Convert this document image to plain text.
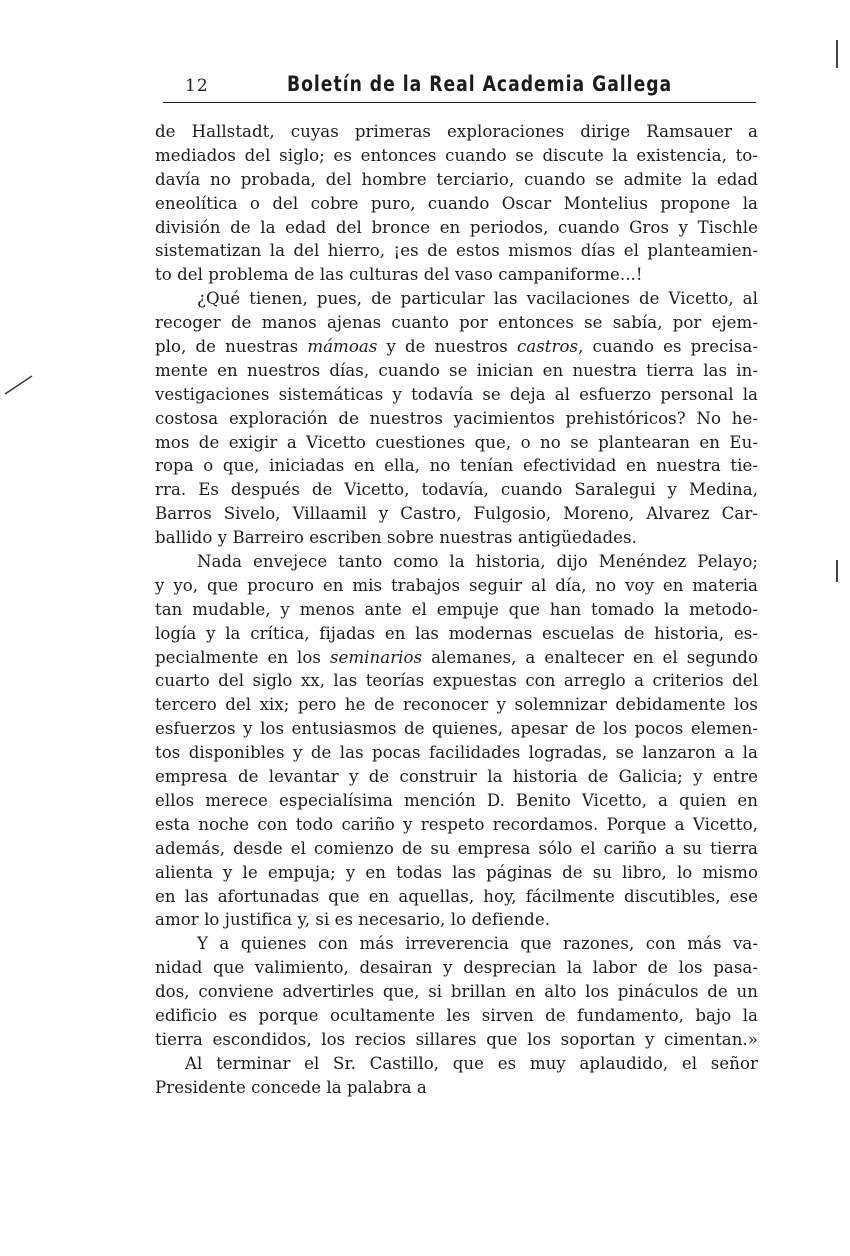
12	Boletín de la Real Academia Gallega
de Hallstadt, cuyas primeras exploraciones dirige Ramsauer a
mediados del siglo; es entonces cuando se discute la existencia, to-
davía no probada, del hombre terciario, cuando se admite la edad
eneolítica o del cobre puro, cuando Oscar Montelius propone la
división de la edad del bronce en periodos, cuando Gros y Tischle
sistematizan la del hierro, ¡es de estos mismos días el planteamien-
to del problema de las culturas del vaso campaniforme...!
¿Qué tienen, pues, de particular las vacilaciones de Vicetto, al
recoger de manos ajenas cuanto por entonces se sabía, por ejem-
plo, de nuestras mámoas y de nuestros castros, cuando es precisa-
mente en nuestros días, cuando se inician en nuestra tierra las in-
vestigaciones sistemáticas y todavía se deja al esfuerzo personal la
costosa exploración de nuestros yacimientos prehistóricos? No he-
mos de exigir a Vicetto cuestiones que, o no se plantearan en Eu-
ropa o que, iniciadas en ella, no tenían efectividad en nuestra tie-
rra. Es después de Vicetto, todavía, cuando Saralegui y Medina,
Barros Sivelo, Villaamil y Castro, Fulgosio, Moreno, Alvarez Car-
ballido y Barreiro escriben sobre nuestras antigüedades.
Nada envejece tanto como la historia, dijo Menéndez Pelayo;
y yo, que procuro en mis trabajos seguir al día, no voy en materia
tan mudable, y menos ante el empuje que han tomado la metodo-
logía y la crítica, fijadas en las modernas escuelas de historia, es-
pecialmente en los seminarios alemanes, a enaltecer en el segundo
cuarto del siglo xx, las teorías expuestas con arreglo a criterios del
tercero del xix; pero he de reconocer y solemnizar debidamente los
esfuerzos y los entusiasmos de quienes, apesar de los pocos elemen-
tos disponibles y de las pocas facilidades logradas, se lanzaron a la
empresa de levantar y de construir la historia de Galicia; y entre
ellos merece especialísima mención D. Benito Vicetto, a quien en
esta noche con todo cariño y respeto recordamos. Porque a Vicetto,
además, desde el comienzo de su empresa sólo el cariño a su tierra
alienta y le empuja; y en todas las páginas de su libro, lo mismo
en las afortunadas que en aquellas, hoy, fácilmente discutibles, ese
amor lo justifica y, si es necesario, lo defiende.
Y a quienes con más irreverencia que razones, con más va-
nidad que valimiento, desairan y desprecian la labor de los pasa-
dos, conviene advertirles que, si brillan en alto los pináculos de un
edificio es porque ocultamente les sirven de fundamento, bajo la
tierra escondidos, los recios sillares que los soportan y cimentan.»
Al terminar el Sr. Castillo, que es muy aplaudido, el señor
Presidente concede la palabra a
